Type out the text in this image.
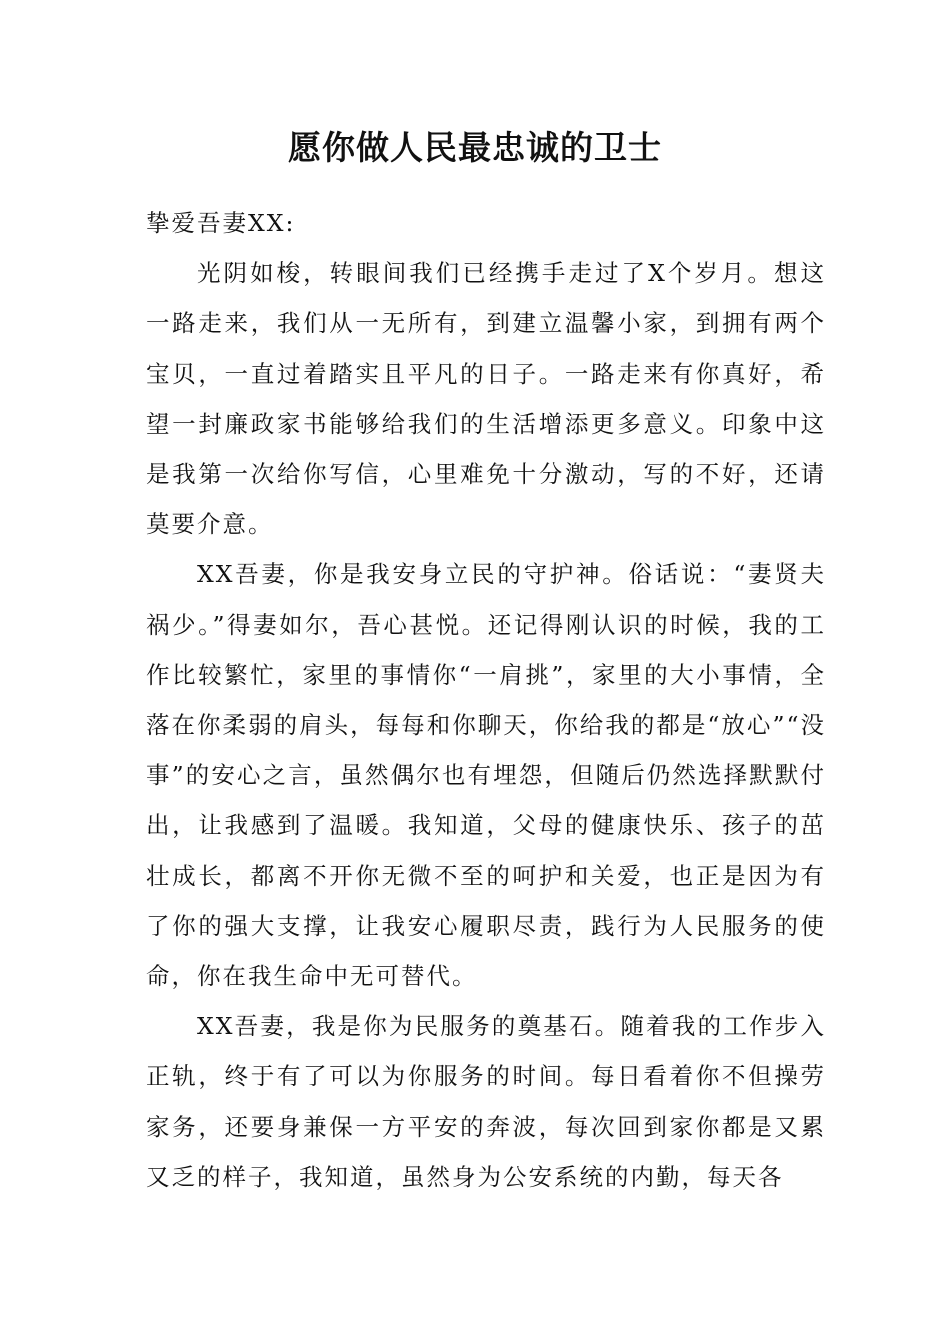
愿你做人民最忠诚的卫士

挚爱吾妻XX:

光阴如梭，转眼间我们已经携手走过了X个岁月。想这一路走来，我们从一无所有，到建立温馨小家，到拥有两个宝贝，一直过着踏实且平凡的日子。一路走来有你真好，希望一封廉政家书能够给我们的生活增添更多意义。印象中这是我第一次给你写信，心里难免十分激动，写的不好，还请莫要介意。

XX吾妻，你是我安身立民的守护神。俗话说：“妻贤夫祸少。”得妻如尔，吾心甚悦。还记得刚认识的时候，我的工作比较繁忙，家里的事情你“一肩挑”，家里的大小事情，全落在你柔弱的肩头，每每和你聊天，你给我的都是“放心”“没事”的安心之言，虽然偶尔也有埋怨，但随后仍然选择默默付出，让我感到了温暖。我知道，父母的健康快乐、孩子的茁壮成长，都离不开你无微不至的呵护和关爱，也正是因为有了你的强大支撑，让我安心履职尽责，践行为人民服务的使命，你在我生命中无可替代。

XX吾妻，我是你为民服务的奠基石。随着我的工作步入正轨，终于有了可以为你服务的时间。每日看着你不但操劳家务，还要身兼保一方平安的奔波，每次回到家你都是又累又乏的样子，我知道，虽然身为公安系统的内勤，每天各
